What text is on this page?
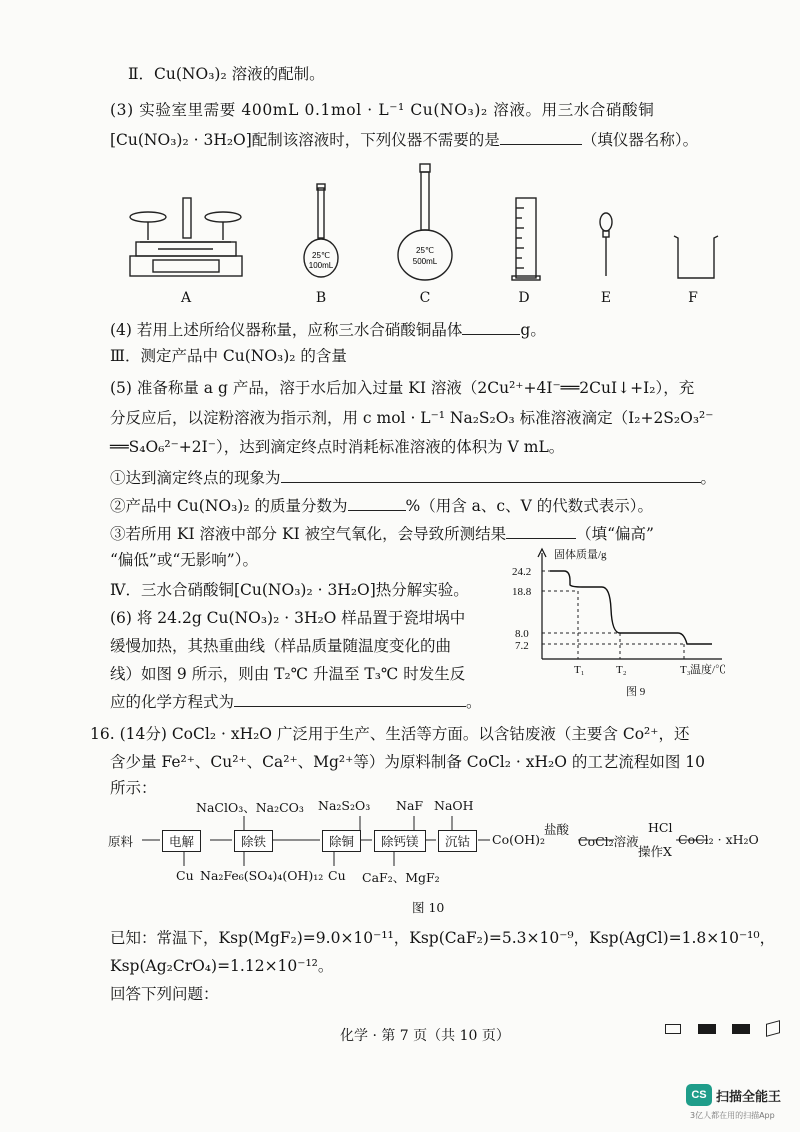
Ⅱ．Cu(NO₃)₂ 溶液的配制。
(3) 实验室里需要 400mL 0.1mol · L⁻¹ Cu(NO₃)₂ 溶液。用三水合硝酸铜
[Cu(NO₃)₂ · 3H₂O]配制该溶液时，下列仪器不需要的是	（填仪器名称）。
25℃
100mL
25℃
500mL
A	B	C	D	E	F
(4) 若用上述所给仪器称量，应称三水合硝酸铜晶体	g。
Ⅲ．测定产品中 Cu(NO₃)₂ 的含量
(5) 准备称量 a g 产品，溶于水后加入过量 KI 溶液（2Cu²⁺+4I⁻══2CuI↓+I₂），充
分反应后，以淀粉溶液为指示剂，用 c mol · L⁻¹ Na₂S₂O₃ 标准溶液滴定（I₂+2S₂O₃²⁻
══S₄O₆²⁻+2I⁻），达到滴定终点时消耗标准溶液的体积为 V mL。
①达到滴定终点的现象为	。
②产品中 Cu(NO₃)₂ 的质量分数为	%（用含 a、c、V 的代数式表示）。
③若所用 KI 溶液中部分 KI 被空气氧化，会导致所测结果	（填“偏高”
“偏低”或“无影响”）。
Ⅳ．三水合硝酸铜[Cu(NO₃)₂ · 3H₂O]热分解实验。
(6) 将 24.2g Cu(NO₃)₂ · 3H₂O 样品置于瓷坩埚中
缓慢加热，其热重曲线（样品质量随温度变化的曲
线）如图 9 所示，则由 T₂℃ 升温至 T₃℃ 时发生反
应的化学方程式为	。
固体质量/g
温度/℃
24.2
18.8
8.0
7.2
T₁	T₂	T₃
图 9
16. (14分) CoCl₂ · xH₂O 广泛用于生产、生活等方面。以含钴废液（主要含 Co²⁺，还
含少量 Fe²⁺、Cu²⁺、Ca²⁺、Mg²⁺等）为原料制备 CoCl₂ · xH₂O 的工艺流程如图 10
所示：
NaClO₃、Na₂CO₃ Na₂S₂O₃ NaF NaOH
原料	电解	除铁	除铜	除钙镁	沉钴	Co(OH)₂
盐酸
CoCl₂溶液
HCl
操作X
CoCl₂ · xH₂O
Cu Na₂Fe₆(SO₄)₄(OH)₁₂ Cu CaF₂、MgF₂
图 10
已知：常温下，Ksp(MgF₂)=9.0×10⁻¹¹，Ksp(CaF₂)=5.3×10⁻⁹，Ksp(AgCl)=1.8×10⁻¹⁰，
Ksp(Ag₂CrO₄)=1.12×10⁻¹²。
回答下列问题：
化学 · 第 7 页（共 10 页）
CS 扫描全能王
3亿人都在用的扫描App
